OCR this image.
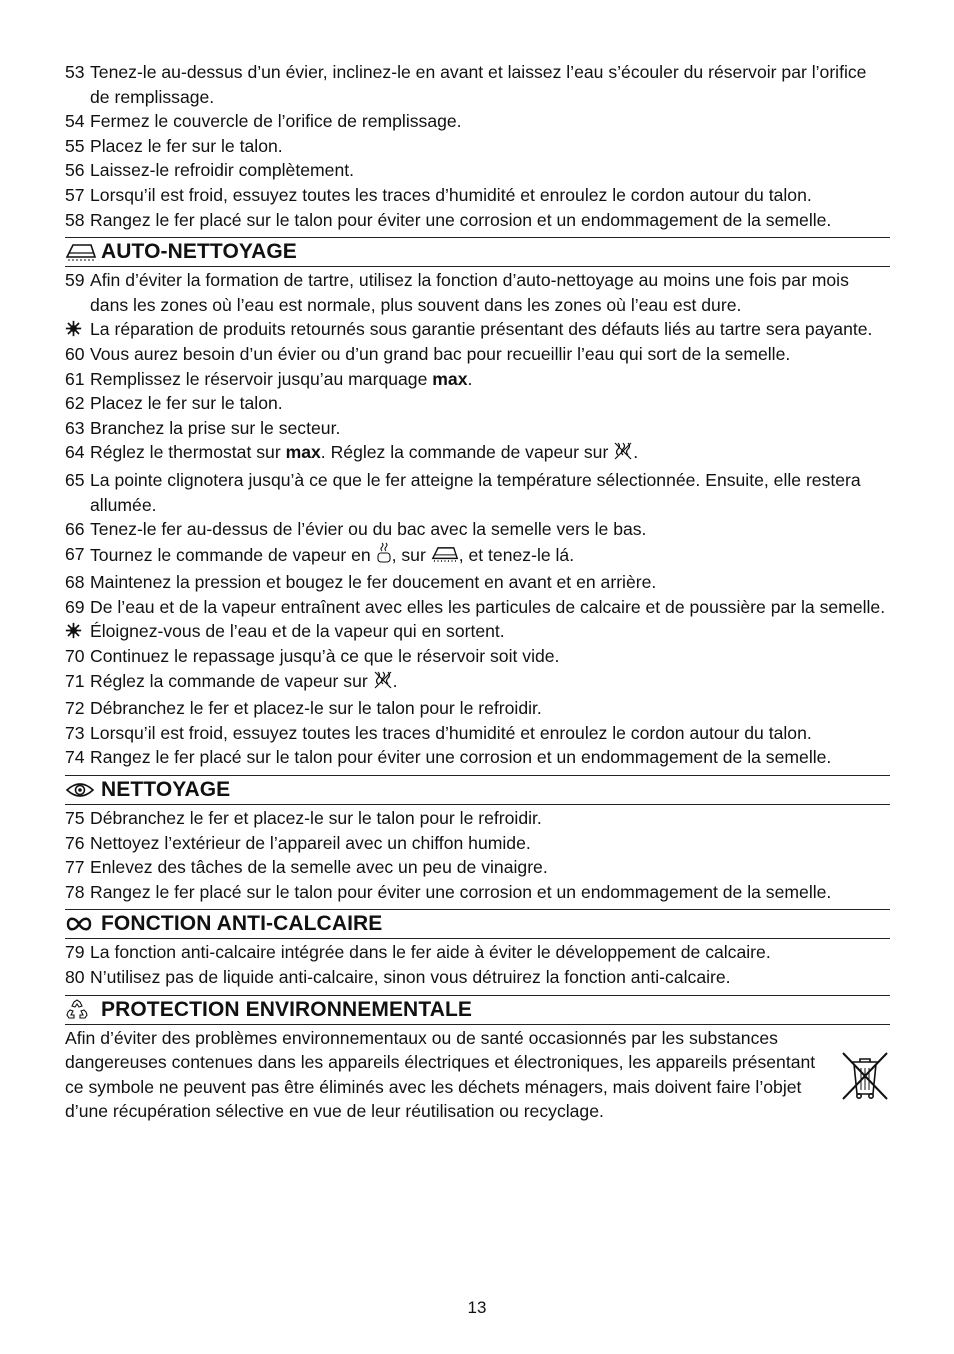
53 Tenez-le au-dessus d’un évier, inclinez-le en avant et laissez l’eau s’écouler du réservoir par l’orifice de remplissage.
54 Fermez le couvercle de l’orifice de remplissage.
55 Placez le fer sur le talon.
56 Laissez-le refroidir complètement.
57 Lorsqu’il est froid, essuyez toutes les traces d’humidité et enroulez le cordon autour du talon.
58 Rangez le fer placé sur le talon pour éviter une corrosion et un endommagement de la semelle.
AUTO-NETTOYAGE
59 Afin d’éviter la formation de tartre, utilisez la fonction d’auto-nettoyage au moins une fois par mois dans les zones où l’eau est normale, plus souvent dans les zones où l’eau est dure.
La réparation de produits retournés sous garantie présentant des défauts liés au tartre sera payante.
60 Vous aurez besoin d’un évier ou d’un grand bac pour recueillir l’eau qui sort de la semelle.
61 Remplissez le réservoir jusqu’au marquage max.
62 Placez le fer sur le talon.
63 Branchez la prise sur le secteur.
64 Réglez le thermostat sur max. Réglez la commande de vapeur sur .
65 La pointe clignotera jusqu’à ce que le fer atteigne la température sélectionnée. Ensuite, elle restera allumée.
66 Tenez-le fer au-dessus de l’évier ou du bac avec la semelle vers le bas.
67 Tournez le commande de vapeur en , sur , et tenez-le lá.
68 Maintenez la pression et bougez le fer doucement en avant et en arrière.
69 De l’eau et de la vapeur entraînent avec elles les particules de calcaire et de poussière par la semelle.
Éloignez-vous de l’eau et de la vapeur qui en sortent.
70 Continuez le repassage jusqu’à ce que le réservoir soit vide.
71 Réglez la commande de vapeur sur .
72 Débranchez le fer et placez-le sur le talon pour le refroidir.
73 Lorsqu’il est froid, essuyez toutes les traces d’humidité et enroulez le cordon autour du talon.
74 Rangez le fer placé sur le talon pour éviter une corrosion et un endommagement de la semelle.
NETTOYAGE
75 Débranchez le fer et placez-le sur le talon pour le refroidir.
76 Nettoyez l’extérieur de l’appareil avec un chiffon humide.
77 Enlevez des tâches de la semelle avec un peu de vinaigre.
78 Rangez le fer placé sur le talon pour éviter une corrosion et un endommagement de la semelle.
FONCTION ANTI-CALCAIRE
79 La fonction anti-calcaire intégrée dans le fer aide à éviter le développement de calcaire.
80 N’utilisez pas de liquide anti-calcaire, sinon vous détruirez la fonction anti-calcaire.
PROTECTION ENVIRONNEMENTALE
Afin d’éviter des problèmes environnementaux ou de santé occasionnés par les substances dangereuses contenues dans les appareils électriques et électroniques, les appareils présentant ce symbole ne peuvent pas être éliminés avec les déchets ménagers, mais doivent faire l’objet d’une récupération sélective en vue de leur réutilisation ou recyclage.
13
